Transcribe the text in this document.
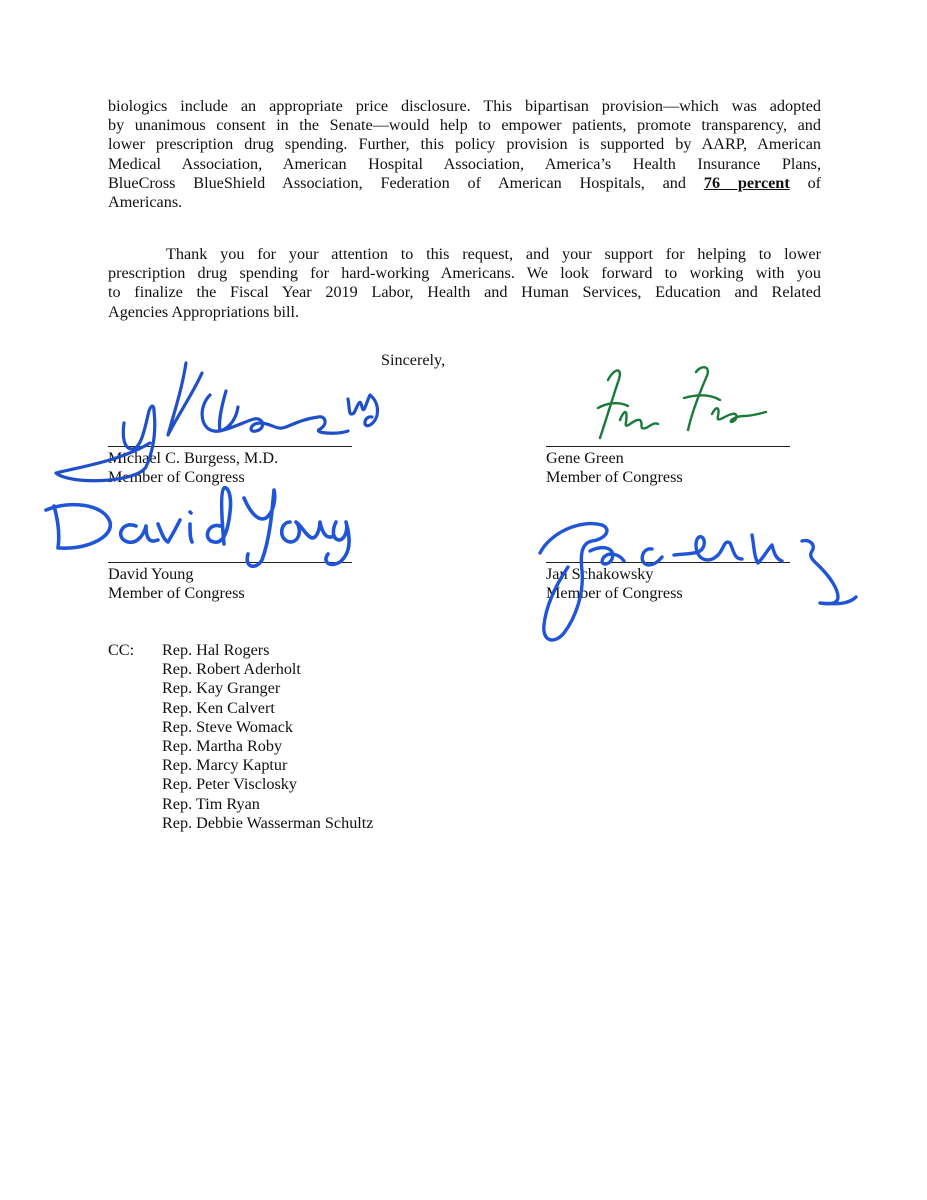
biologics include an appropriate price disclosure. This bipartisan provision—which was adopted
by unanimous consent in the Senate—would help to empower patients, promote transparency, and
lower prescription drug spending. Further, this policy provision is supported by AARP, American
Medical Association, American Hospital Association, America’s Health Insurance Plans,
BlueCross BlueShield Association, Federation of American Hospitals, and 76 percent of
Americans.
Thank you for your attention to this request, and your support for helping to lower
prescription drug spending for hard-working Americans. We look forward to working with you
to finalize the Fiscal Year 2019 Labor, Health and Human Services, Education and Related
Agencies Appropriations bill.
Sincerely,
Michael C. Burgess, M.D.
Member of Congress
Gene Green
Member of Congress
David Young
Member of Congress
Jan Schakowsky
Member of Congress
CC: Rep. Hal Rogers
Rep. Robert Aderholt
Rep. Kay Granger
Rep. Ken Calvert
Rep. Steve Womack
Rep. Martha Roby
Rep. Marcy Kaptur
Rep. Peter Visclosky
Rep. Tim Ryan
Rep. Debbie Wasserman Schultz
